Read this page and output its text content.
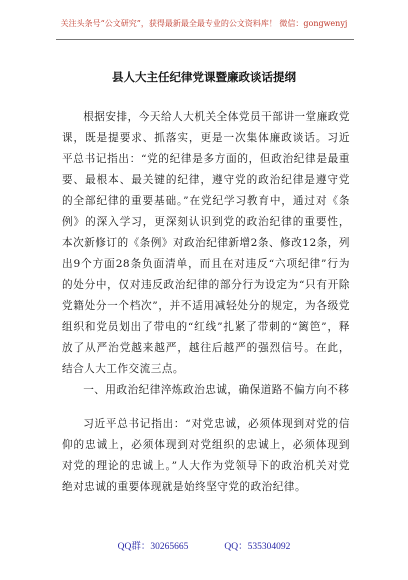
关注头条号“公文研究”，获得最新最全最专业的公文资料库！ 微信：gongwenyj
县人大主任纪律党课暨廉政谈话提纲

根据安排，今天给人大机关全体党员干部讲一堂廉政党课，既是提要求、抓落实，更是一次集体廉政谈话。习近平总书记指出：“党的纪律是多方面的，但政治纪律是最重要、最根本、最关键的纪律，遵守党的政治纪律是遵守党的全部纪律的重要基础。”在党纪学习教育中，通过对《条例》的深入学习，更深刻认识到党的政治纪律的重要性，本次新修订的《条例》对政治纪律新增2条、修改12条，列出9个方面28条负面清单，而且在对违反“六项纪律”行为的处分中，仅对违反政治纪律的部分行为设定为“只有开除党籍处分一个档次”，并不适用减轻处分的规定，为各级党组织和党员划出了带电的“红线”扎紧了带刺的“篱笆”，释放了从严治党越来越严，越往后越严的强烈信号。在此，结合人大工作交流三点。

一、用政治纪律淬炼政治忠诚，确保道路不偏方向不移

习近平总书记指出：“对党忠诚，必须体现到对党的信仰的忠诚上，必须体现到对党组织的忠诚上，必须体现到对党的理论的忠诚上。”人大作为党领导下的政治机关对党绝对忠诚的重要体现就是始终坚守党的政治纪律。

QQ群：30265665	QQ：535304092
